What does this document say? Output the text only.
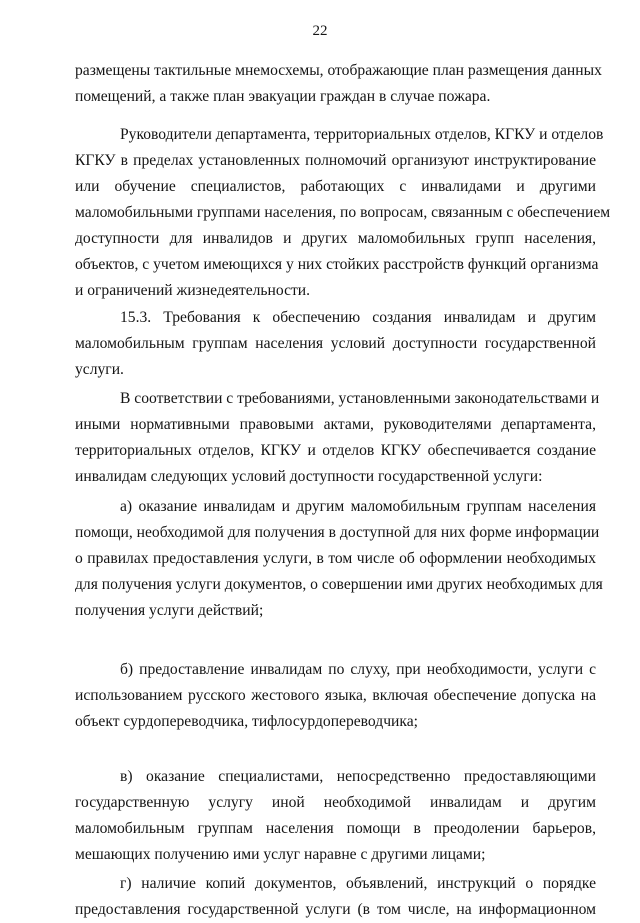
22
размещены тактильные мнемосхемы, отображающие план размещения данных
помещений, а также план эвакуации граждан в случае пожара.
Руководители департамента, территориальных отделов, КГКУ и отделов
КГКУ в пределах установленных полномочий организуют инструктирование
или обучение специалистов, работающих с инвалидами и другими
маломобильными группами населения, по вопросам, связанным с обеспечением
доступности для инвалидов и других маломобильных групп населения,
объектов, с учетом имеющихся у них стойких расстройств функций организма
и ограничений жизнедеятельности.
15.3. Требования к обеспечению создания инвалидам и другим
маломобильным группам населения условий доступности государственной
услуги.
В соответствии с требованиями, установленными законодательствами и
иными нормативными правовыми актами, руководителями департамента,
территориальных отделов, КГКУ и отделов КГКУ обеспечивается создание
инвалидам следующих условий доступности государственной услуги:
а) оказание инвалидам и другим маломобильным группам населения
помощи, необходимой для получения в доступной для них форме информации
о правилах предоставления услуги, в том числе об оформлении необходимых
для получения услуги документов, о совершении ими других необходимых для
получения услуги действий;
б) предоставление инвалидам по слуху, при необходимости, услуги с
использованием русского жестового языка, включая обеспечение допуска на
объект сурдопереводчика, тифлосурдопереводчика;
в) оказание специалистами, непосредственно предоставляющими
государственную услугу иной необходимой инвалидам и другим
маломобильным группам населения помощи в преодолении барьеров,
мешающих получению ими услуг наравне с другими лицами;
г) наличие копий документов, объявлений, инструкций о порядке
предоставления государственной услуги (в том числе, на информационном
